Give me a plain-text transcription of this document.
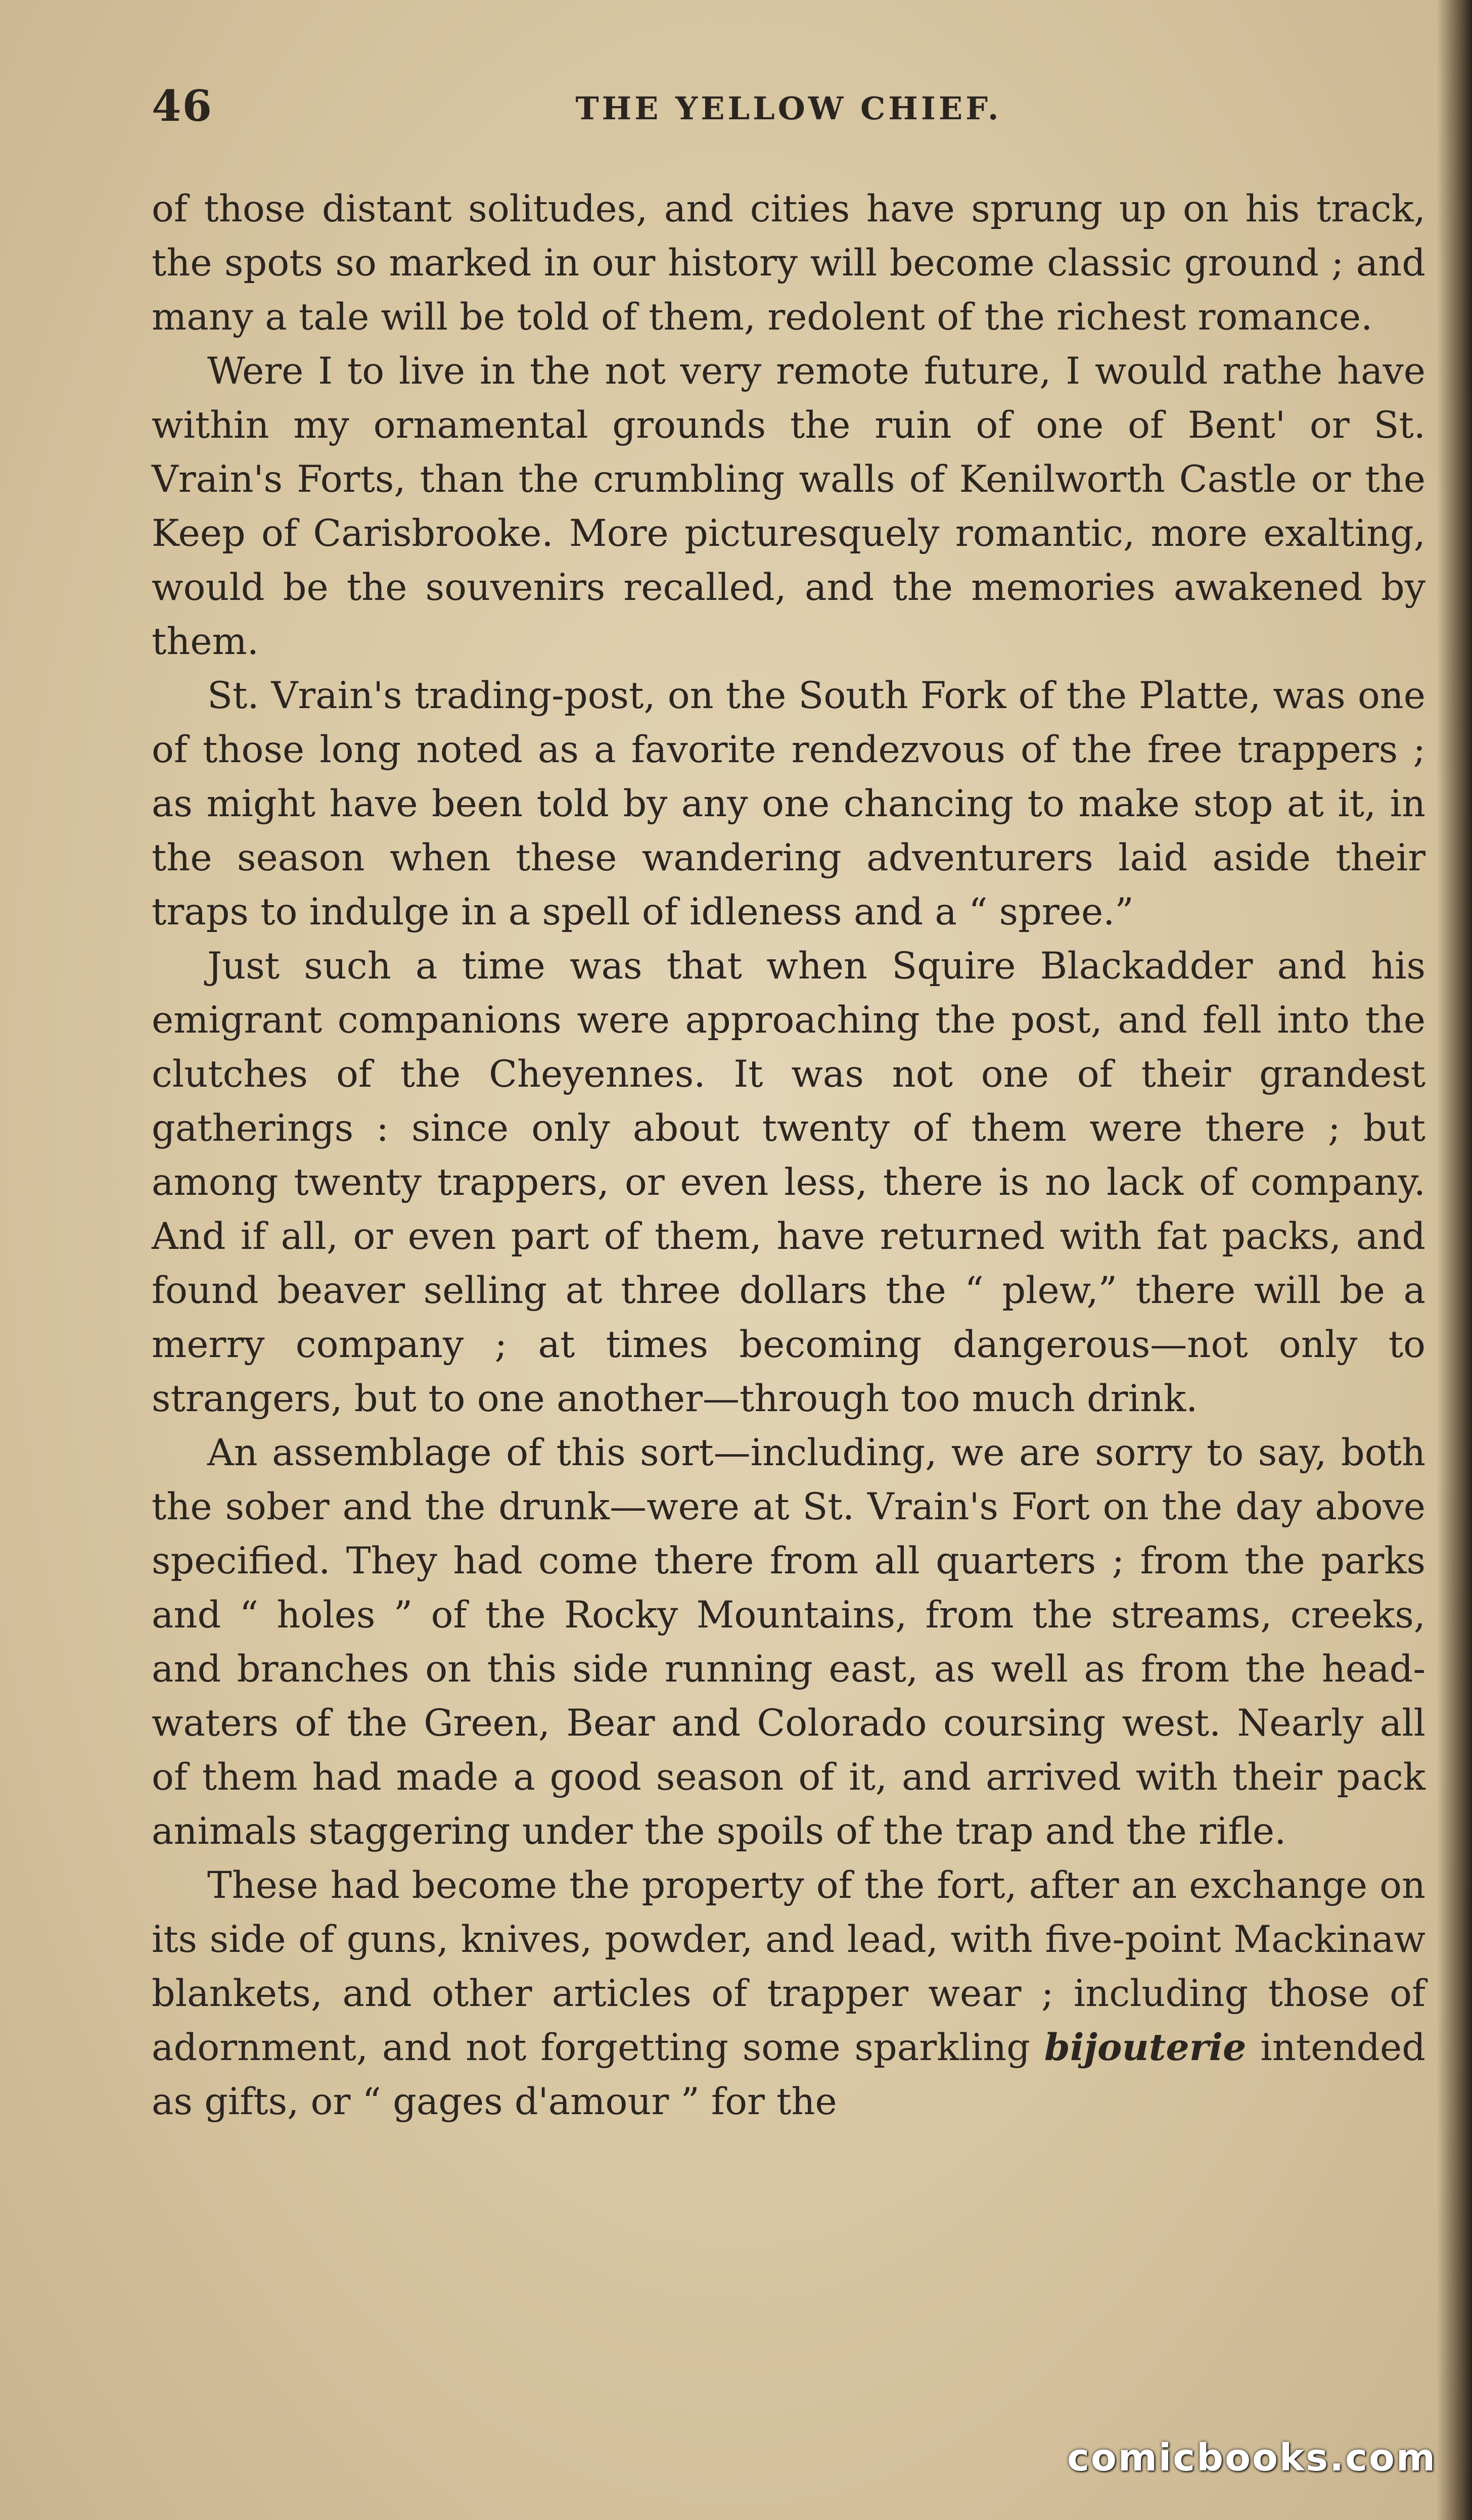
46	THE YELLOW CHIEF.

of those distant solitudes, and cities have sprung up on his track, the spots so marked in our history will become classic ground ; and many a tale will be told of them, redolent of the richest romance.

Were I to live in the not very remote future, I would rathe have within my ornamental grounds the ruin of one of Bent' or St. Vrain's Forts, than the crumbling walls of Kenilworth Castle or the Keep of Carisbrooke. More picturesquely romantic, more exalting, would be the souvenirs recalled, and the memories awakened by them.

St. Vrain's trading-post, on the South Fork of the Platte, was one of those long noted as a favorite rendezvous of the free trappers ; as might have been told by any one chancing to make stop at it, in the season when these wandering adventurers laid aside their traps to indulge in a spell of idleness and a “ spree.”

Just such a time was that when Squire Blackadder and his emigrant companions were approaching the post, and fell into the clutches of the Cheyennes. It was not one of their grandest gatherings : since only about twenty of them were there ; but among twenty trappers, or even less, there is no lack of company. And if all, or even part of them, have returned with fat packs, and found beaver selling at three dollars the “ plew,” there will be a merry company ; at times becoming dangerous—not only to strangers, but to one another—through too much drink.

An assemblage of this sort—including, we are sorry to say, both the sober and the drunk—were at St. Vrain's Fort on the day above specified. They had come there from all quarters ; from the parks and “ holes ” of the Rocky Mountains, from the streams, creeks, and branches on this side running east, as well as from the head-waters of the Green, Bear and Colorado coursing west. Nearly all of them had made a good season of it, and arrived with their pack animals staggering under the spoils of the trap and the rifle.

These had become the property of the fort, after an exchange on its side of guns, knives, powder, and lead, with five-point Mackinaw blankets, and other articles of trapper wear ; including those of adornment, and not forgetting some sparkling bijouterie intended as gifts, or “ gages d'amour ” for the

comicbooks.com
